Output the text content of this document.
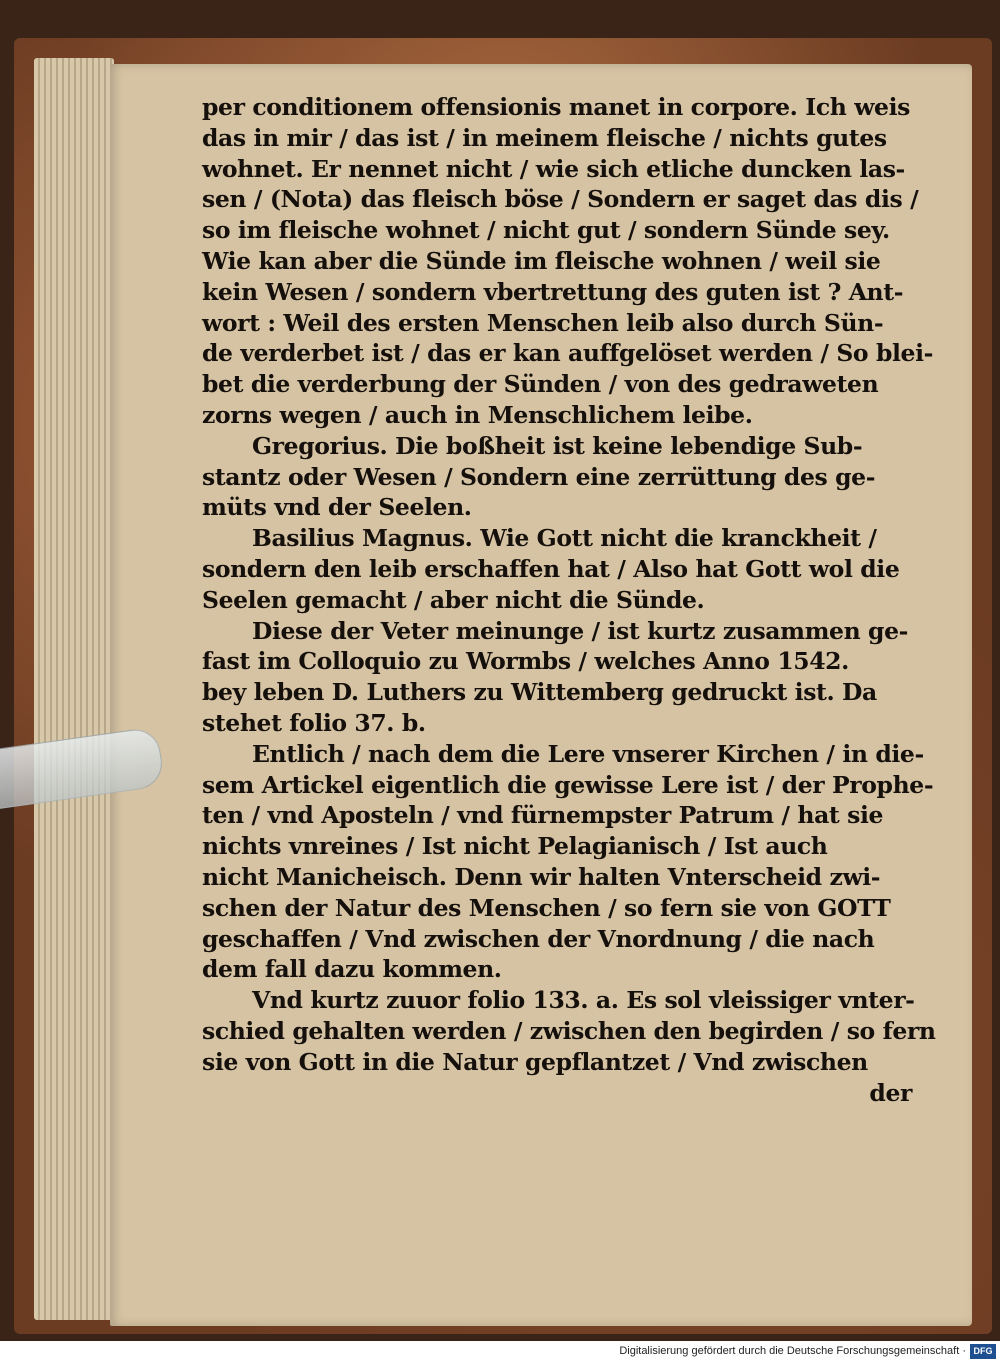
per conditionem offensionis manet in corpore. Ich weis
das in mir / das ist / in meinem fleische / nichts gutes
wohnet. Er nennet nicht / wie sich etliche duncken las-
sen / (Nota) das fleisch böse / Sondern er saget das dis /
so im fleische wohnet / nicht gut / sondern Sünde sey.
Wie kan aber die Sünde im fleische wohnen / weil sie
kein Wesen / sondern vbertrettung des guten ist ? Ant-
wort : Weil des ersten Menschen leib also durch Sün-
de verderbet ist / das er kan auffgelöset werden / So blei-
bet die verderbung der Sünden / von des gedraweten
zorns wegen / auch in Menschlichem leibe.
Gregorius. Die boßheit ist keine lebendige Sub-
stantz oder Wesen / Sondern eine zerrüttung des ge-
müts vnd der Seelen.
Basilius Magnus. Wie Gott nicht die kranckheit /
sondern den leib erschaffen hat / Also hat Gott wol die
Seelen gemacht / aber nicht die Sünde.
Diese der Veter meinunge / ist kurtz zusammen ge-
fast im Colloquio zu Wormbs / welches Anno 1542.
bey leben D. Luthers zu Wittemberg gedruckt ist. Da
stehet folio 37. b.
Entlich / nach dem die Lere vnserer Kirchen / in die-
sem Artickel eigentlich die gewisse Lere ist / der Prophe-
ten / vnd Aposteln / vnd fürnempster Patrum / hat sie
nichts vnreines / Ist nicht Pelagianisch / Ist auch
nicht Manicheisch. Denn wir halten Vnterscheid zwi-
schen der Natur des Menschen / so fern sie von GOTT
geschaffen / Vnd zwischen der Vnordnung / die nach
dem fall dazu kommen.
Vnd kurtz zuuor folio 133. a. Es sol vleissiger vnter-
schied gehalten werden / zwischen den begirden / so fern
sie von Gott in die Natur gepflantzet / Vnd zwischen
der
Digitalisierung gefördert durch die Deutsche Forschungsgemeinschaft · DFG
